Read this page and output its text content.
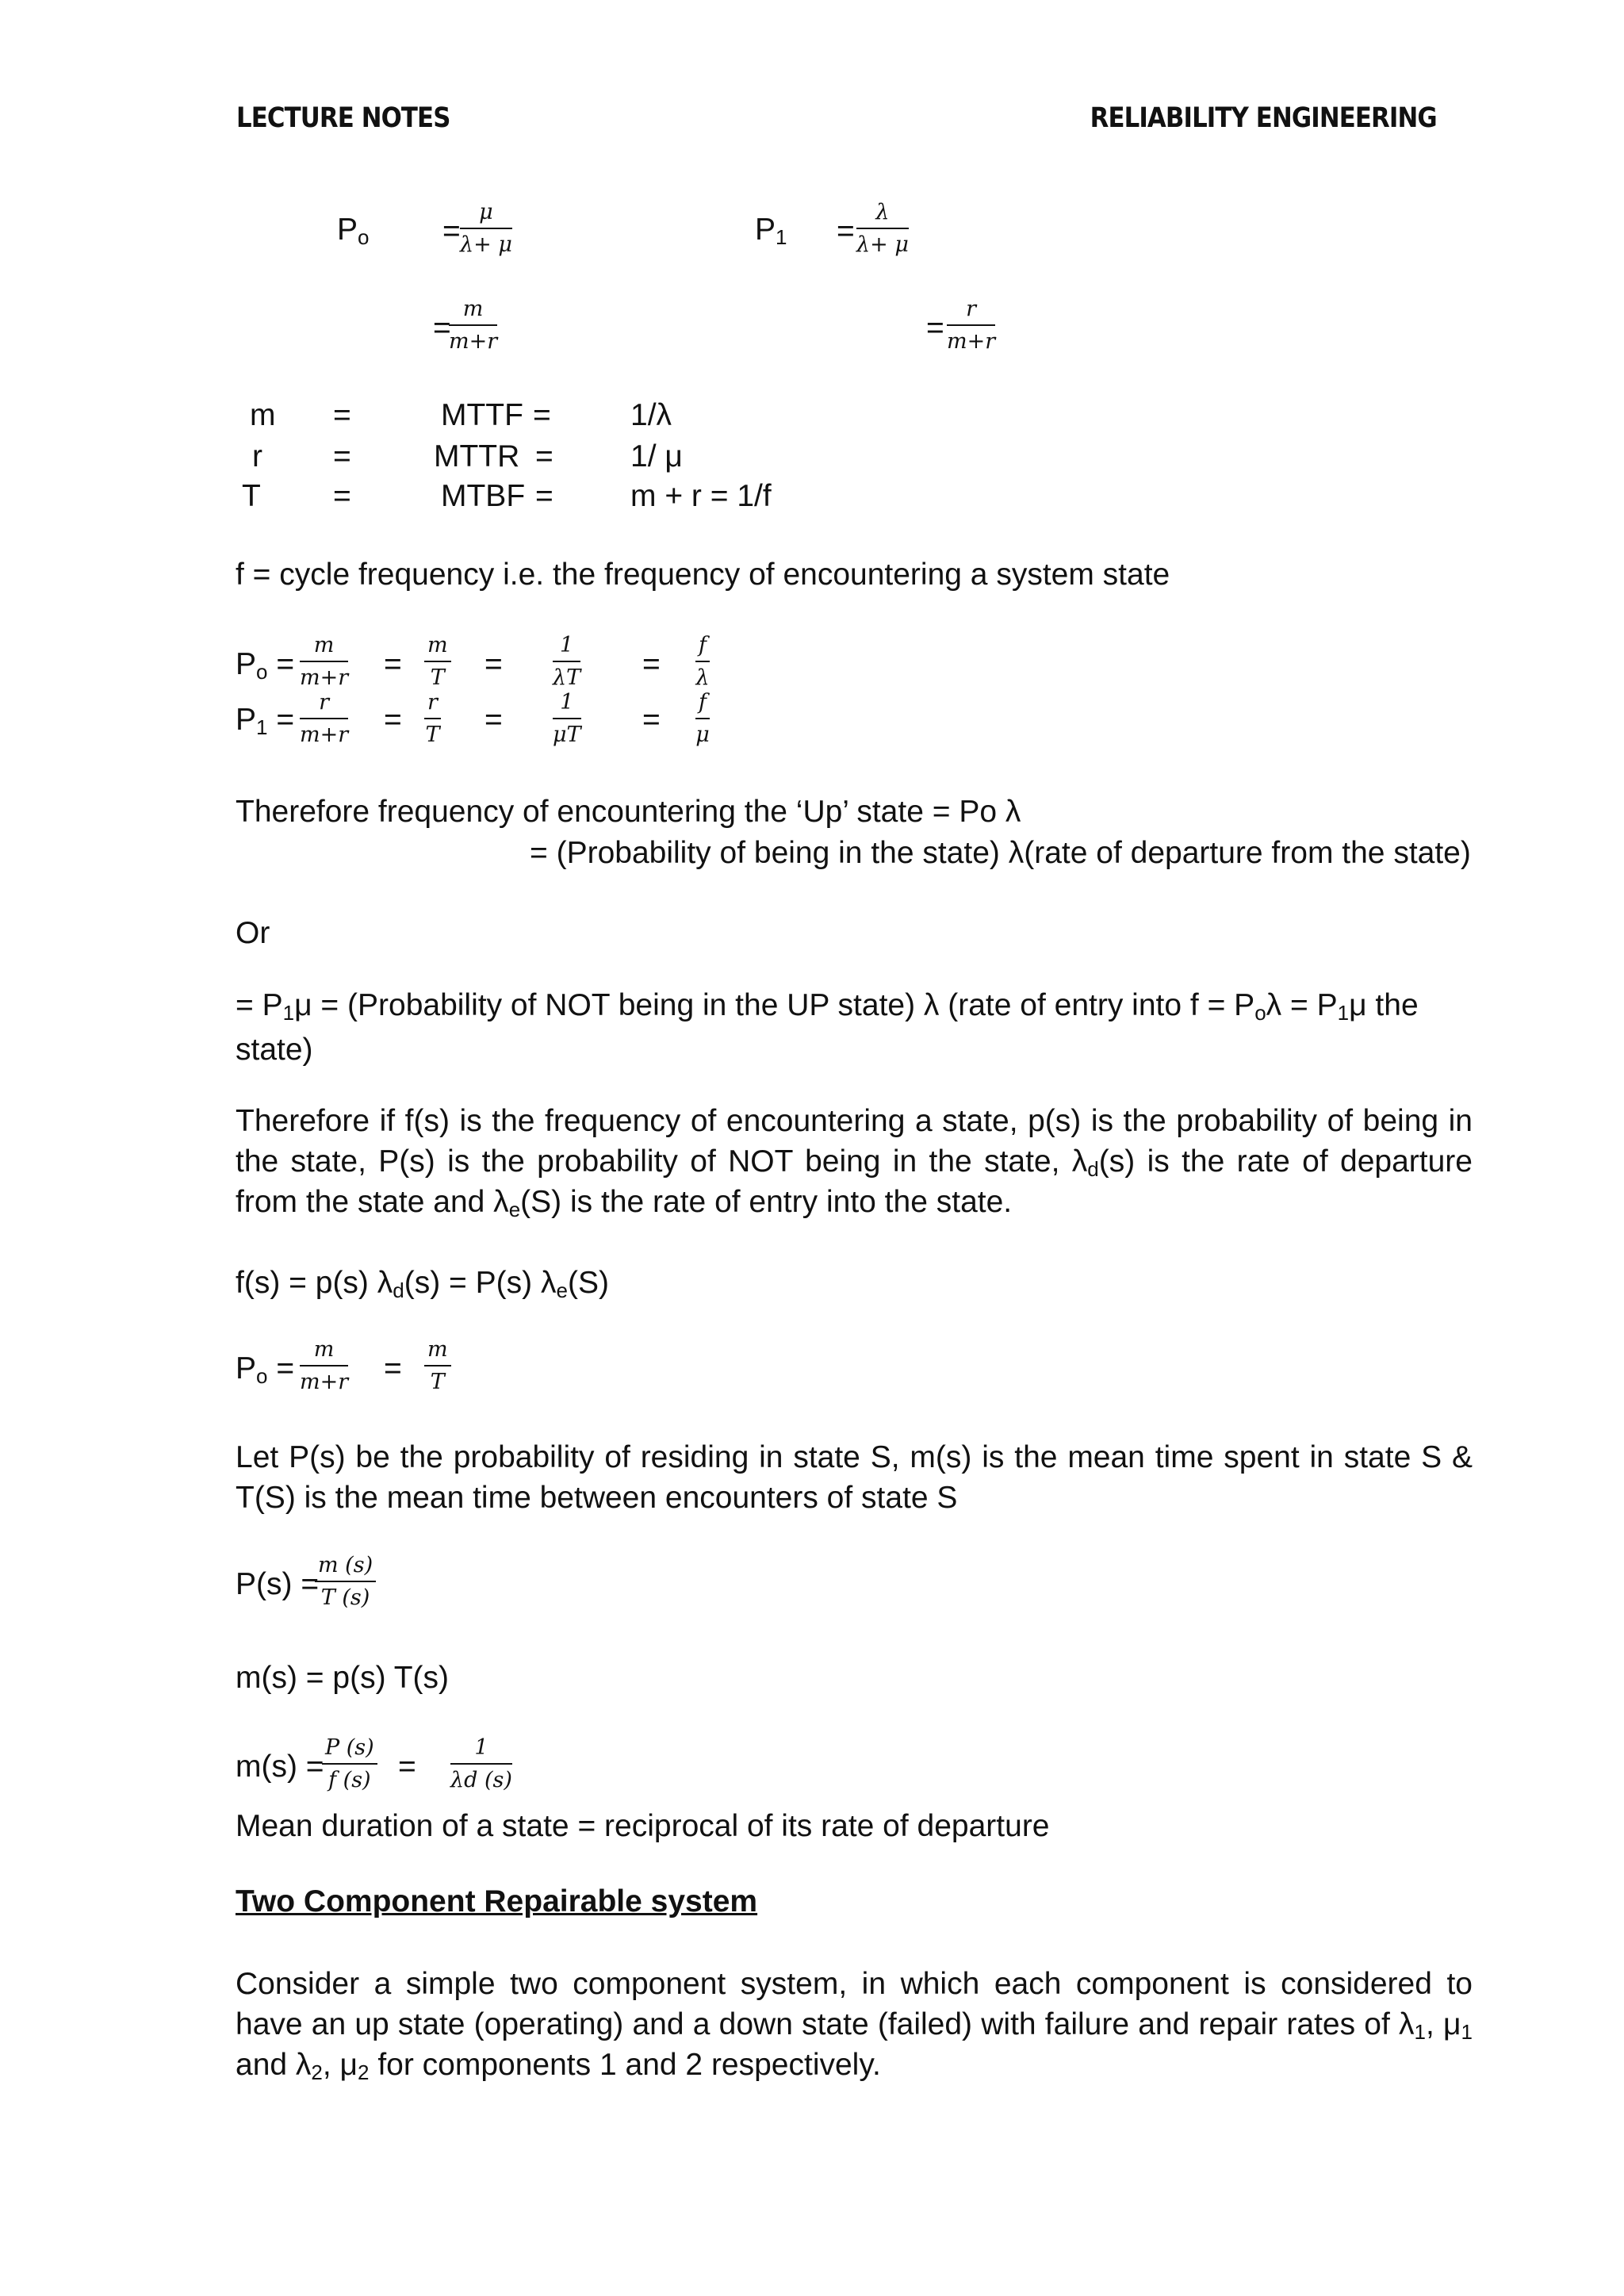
LECTURE NOTES	RELIABILITY ENGINEERING
$P_o = \frac{\mu}{\lambda+ \mu}$	$P_1 = \frac{\lambda}{\lambda+ \mu}$
=
$\frac{m}{m+r}$	= $\frac{r}{m+r}$
m =	MTTF =	1/λ
r =	MTTR = 1/ μ
T =	MTBF = m + r = 1/f
f = cycle frequency i.e. the frequency of encountering a system state
$P_o = \frac{m}{m+r} = \frac{m}{T} = \frac{1}{\lambda T} = \frac{f}{\lambda}$
$P_1 = \frac{r}{m+r} = \frac{r}{T} = \frac{1}{\mu T} = \frac{f}{\mu}$
Therefore frequency of encountering the ‘Up’ state = Po λ
= (Probability of being in the state) λ(rate of departure from the state)
Or
= $P_1\mu$ = (Probability of NOT being in the UP state) λ (rate of entry into $f = P_o\lambda = P_1\mu$ the
state)
Therefore if f(s) is the frequency of encountering a state, p(s) is the probability of being in the state, P(s) is the probability of NOT being in the state, $\lambda_d(s)$ is the rate of departure from the state and $\lambda_e(S)$ is the rate of entry into the state.
f(s) = p(s) $\lambda_d(s) = P(s)$ $\lambda_e(S)$
$P_o = \frac{m}{m+r} = \frac{m}{T}$
Let P(s) be the probability of residing in state S, m(s) is the mean time spent in state S & T(S) is the mean time between encounters of state S
P(s) =
$\frac{m (s)}{T (s)}$
m(s) = p(s) T(s)
m(s) =
$\frac{P (s)}{f (s)} = \frac{1}{\lambda d (s)}$
Mean duration of a state = reciprocal of its rate of departure
Two Component Repairable system
Consider a simple two component system, in which each component is considered to have an up state (operating) and a down state (failed) with failure and repair rates of $\lambda_1$, $\mu_1$ and $\lambda_2$, $\mu_2$ for components 1 and 2 respectively.
